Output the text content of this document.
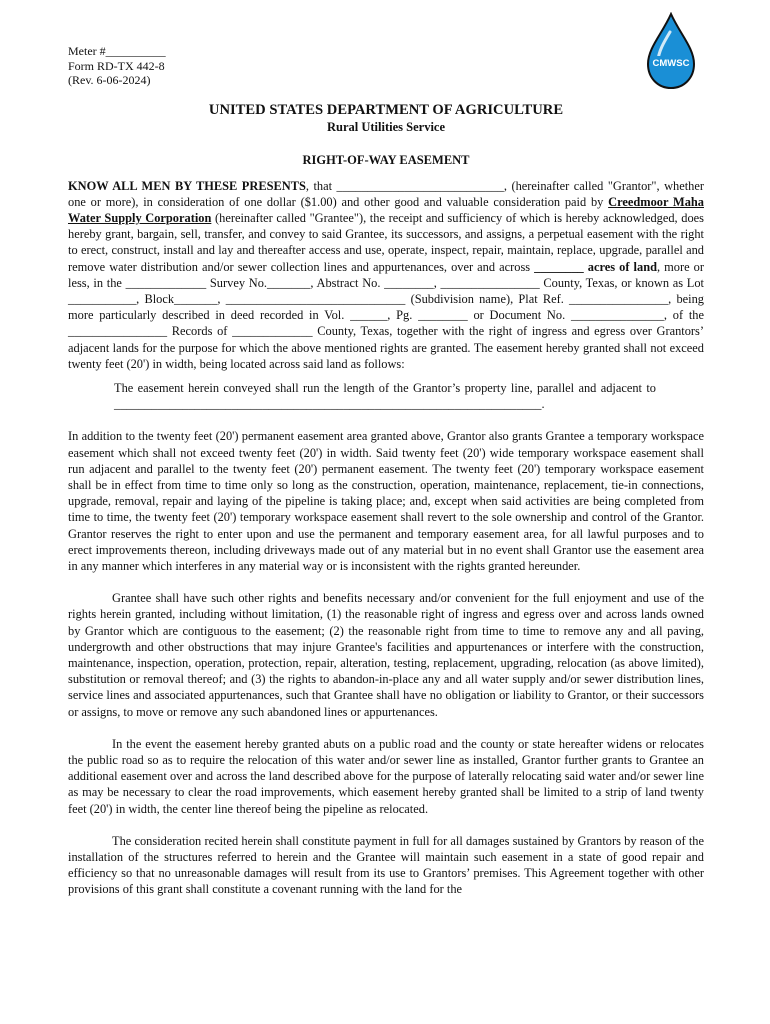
CMWSC
Meter #__________
Form RD-TX 442-8
(Rev. 6-06-2024)
UNITED STATES DEPARTMENT OF AGRICULTURE
Rural Utilities Service
RIGHT-OF-WAY EASEMENT

KNOW ALL MEN BY THESE PRESENTS, that ___________________________, (hereinafter called "Grantor", whether one or more), in consideration of one dollar ($1.00) and other good and valuable consideration paid by Creedmoor Maha Water Supply Corporation (hereinafter called "Grantee"), the receipt and sufficiency of which is hereby acknowledged, does hereby grant, bargain, sell, transfer, and convey to said Grantee, its successors, and assigns, a perpetual easement with the right to erect, construct, install and lay and thereafter access and use, operate, inspect, repair, maintain, replace, upgrade, parallel and remove water distribution and/or sewer collection lines and appurtenances, over and across ________ acres of land, more or less, in the _____________ Survey No._______, Abstract No. ________, ________________ County, Texas, or known as Lot ___________, Block_______, _____________________________ (Subdivision name), Plat Ref. ________________, being more particularly described in deed recorded in Vol. ______, Pg. ________ or Document No. _______________, of the ________________ Records of _____________ County, Texas, together with the right of ingress and egress over Grantors’ adjacent lands for the purpose for which the above mentioned rights are granted. The easement hereby granted shall not exceed twenty feet (20') in width, being located across said land as follows:

The easement herein conveyed shall run the length of the Grantor’s property line, parallel and adjacent to _____________________________________________________________________.

In addition to the twenty feet (20') permanent easement area granted above, Grantor also grants Grantee a temporary workspace easement which shall not exceed twenty feet (20') in width. Said twenty feet (20') wide temporary workspace easement shall run adjacent and parallel to the twenty feet (20') permanent easement. The twenty feet (20') temporary workspace easement shall be in effect from time to time only so long as the construction, operation, maintenance, replacement, tie-in connections, upgrade, removal, repair and laying of the pipeline is taking place; and, except when said activities are being completed from time to time, the twenty feet (20') temporary workspace easement shall revert to the sole ownership and control of the Grantor. Grantor reserves the right to enter upon and use the permanent and temporary easement area, for all lawful purposes and to erect improvements thereon, including driveways made out of any material but in no event shall Grantor use the easement area in any manner which interferes in any material way or is inconsistent with the rights granted hereunder.

Grantee shall have such other rights and benefits necessary and/or convenient for the full enjoyment and use of the rights herein granted, including without limitation, (1) the reasonable right of ingress and egress over and across lands owned by Grantor which are contiguous to the easement; (2) the reasonable right from time to time to remove any and all paving, undergrowth and other obstructions that may injure Grantee's facilities and appurtenances or interfere with the construction, maintenance, inspection, operation, protection, repair, alteration, testing, replacement, upgrading, relocation (as above limited), substitution or removal thereof; and (3) the rights to abandon-in-place any and all water supply and/or sewer distribution lines, service lines and associated appurtenances, such that Grantee shall have no obligation or liability to Grantor, or their successors or assigns, to move or remove any such abandoned lines or appurtenances.

In the event the easement hereby granted abuts on a public road and the county or state hereafter widens or relocates the public road so as to require the relocation of this water and/or sewer line as installed, Grantor further grants to Grantee an additional easement over and across the land described above for the purpose of laterally relocating said water and/or sewer line as may be necessary to clear the road improvements, which easement hereby granted shall be limited to a strip of land twenty feet (20') in width, the center line thereof being the pipeline as relocated.

The consideration recited herein shall constitute payment in full for all damages sustained by Grantors by reason of the installation of the structures referred to herein and the Grantee will maintain such easement in a state of good repair and efficiency so that no unreasonable damages will result from its use to Grantors’ premises. This Agreement together with other provisions of this grant shall constitute a covenant running with the land for the
